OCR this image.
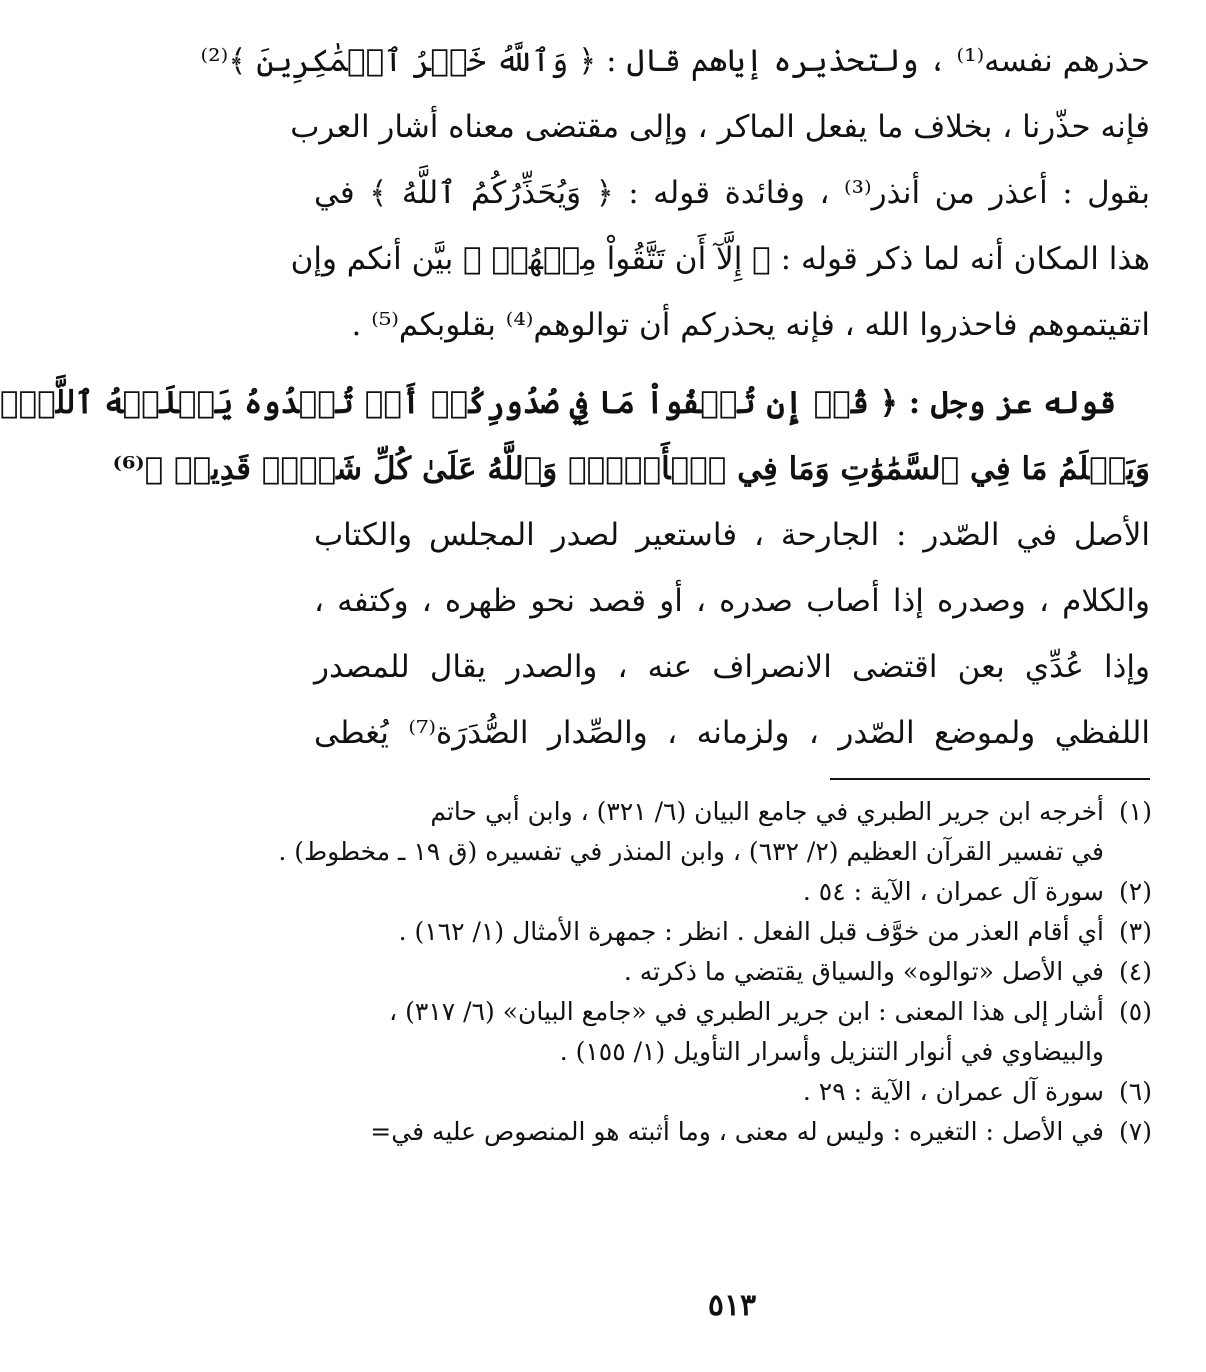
حذرهم نفسه⁽¹⁾ ، ولتحذيره إياهم قال : ﴿ وَٱللَّهُ خَيۡرُ ٱلۡمَٰكِرِينَ ﴾⁽²⁾
فإنه حذّرنا ، بخلاف ما يفعل الماكر ، وإلى مقتضى معناه أشار العرب
بقول : أعذر من أنذر⁽³⁾ ، وفائدة قوله : ﴿ وَيُحَذِّرُكُمُ ٱللَّهُ ﴾ في
هذا المكان أنه لما ذكر قوله : ﴿ إِلَّآ أَن تَتَّقُواْ مِنۡهُمۡ ﴾ بيَّن أنكم وإن
اتقيتموهم فاحذروا الله ، فإنه يحذركم أن توالوهم⁽⁴⁾ بقلوبكم⁽⁵⁾ .
قوله عز وجل : ﴿ قُلۡ إِن تُخۡفُواْ مَا فِي صُدُورِكُمۡ أَوۡ تُبۡدُوهُ يَعۡلَمۡهُ ٱللَّهُۗ
وَيَعۡلَمُ مَا فِي ٱلسَّمَٰوَٰتِ وَمَا فِي ٱلۡأَرۡضِۗ وَٱللَّهُ عَلَىٰ كُلِّ شَيۡءٖ قَدِيرٞ ﴾⁽⁶⁾
الأصل في الصّدر : الجارحة ، فاستعير لصدر المجلس والكتاب
والكلام ، وصدره إذا أصاب صدره ، أو قصد نحو ظهره ، وكتفه ،
وإذا عُدِّي بعن اقتضى الانصراف عنه ، والصدر يقال للمصدر
اللفظي ولموضع الصّدر ، ولزمانه ، والصِّدار الصُّدَرَة⁽⁷⁾ يُغطى
(١)
أخرجه ابن جرير الطبري في جامع البيان (٦/ ٣٢١) ، وابن أبي حاتم
في تفسير القرآن العظيم (٢/ ٦٣٢) ، وابن المنذر في تفسيره (ق ١٩ ـ مخطوط) .
(٢)
سورة آل عمران ، الآية : ٥٤ .
(٣)
أي أقام العذر من خوَّف قبل الفعل . انظر : جمهرة الأمثال (١/ ١٦٢) .
(٤)
في الأصل «توالوه» والسياق يقتضي ما ذكرته .
(٥)
أشار إلى هذا المعنى : ابن جرير الطبري في «جامع البيان» (٦/ ٣١٧) ،
والبيضاوي في أنوار التنزيل وأسرار التأويل (١/ ١٥٥) .
(٦)
سورة آل عمران ، الآية : ٢٩ .
(٧)
في الأصل : التغيره : وليس له معنى ، وما أثبته هو المنصوص عليه في=
٥١٣
